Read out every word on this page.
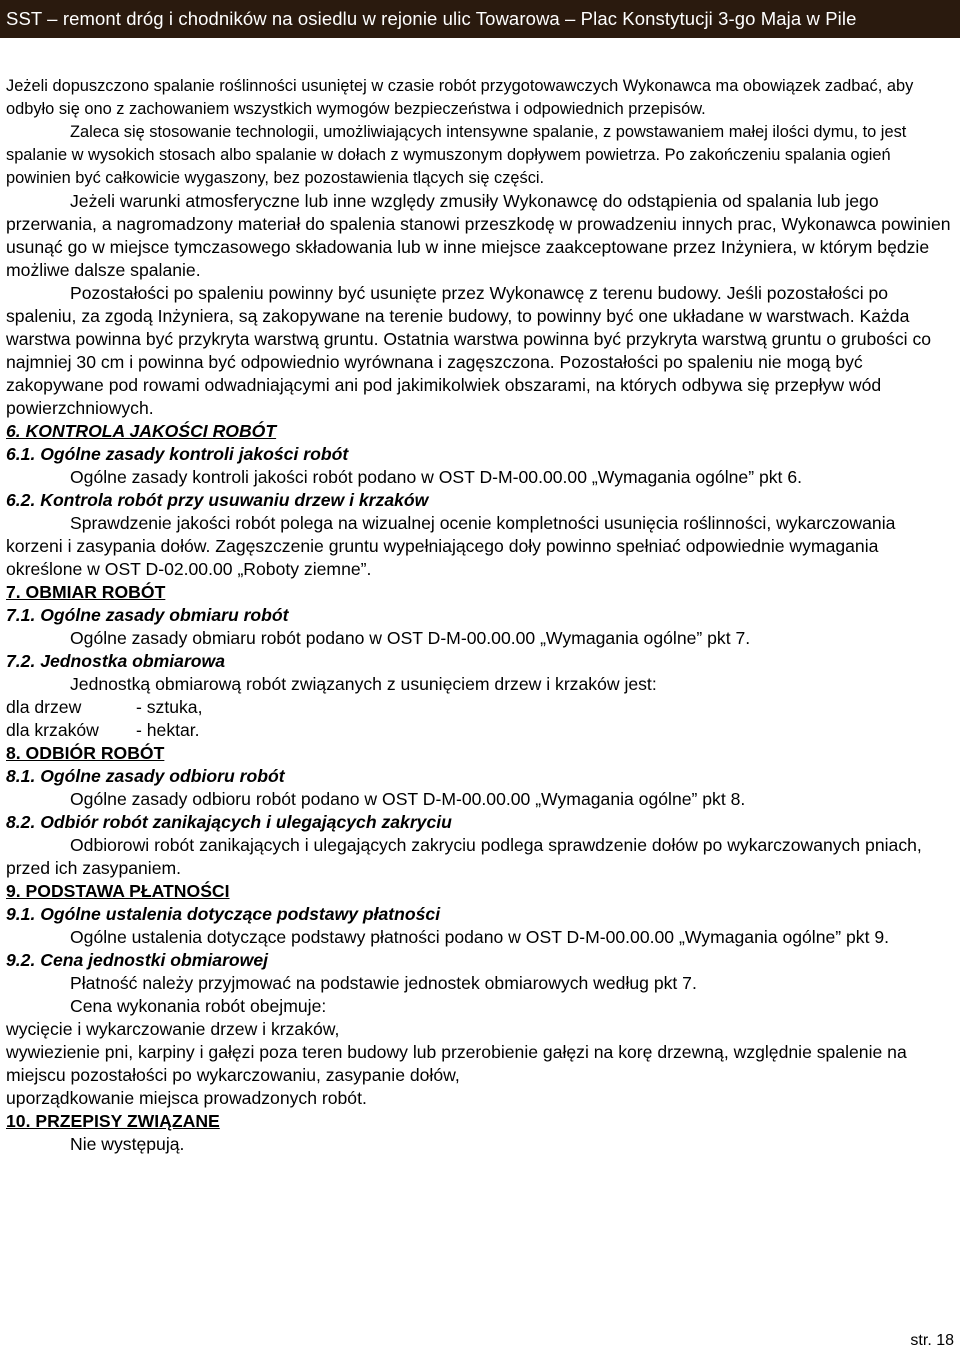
SST – remont dróg i chodników na osiedlu w rejonie ulic Towarowa – Plac Konstytucji 3-go Maja w Pile

Jeżeli dopuszczono spalanie roślinności usuniętej w czasie robót przygotowawczych Wykonawca ma obowiązek zadbać, aby odbyło się ono z zachowaniem wszystkich wymogów bezpieczeństwa i odpowiednich przepisów.

Zaleca się stosowanie technologii, umożliwiających intensywne spalanie, z powstawaniem małej ilości dymu, to jest spalanie w wysokich stosach albo spalanie w dołach z wymuszonym dopływem powietrza. Po zakończeniu spalania ogień powinien być całkowicie wygaszony, bez pozostawienia tlących się części.

Jeżeli warunki atmosferyczne lub inne względy zmusiły Wykonawcę do odstąpienia od spalania lub jego przerwania, a nagromadzony materiał do spalenia stanowi przeszkodę w prowadzeniu innych prac, Wykonawca powinien usunąć go w miejsce tymczasowego składowania lub w inne miejsce zaakceptowane przez Inżyniera, w którym będzie możliwe dalsze spalanie.

Pozostałości po spaleniu powinny być usunięte przez Wykonawcę z terenu budowy. Jeśli pozostałości po spaleniu, za zgodą Inżyniera, są zakopywane na terenie budowy, to powinny być one układane w warstwach. Każda warstwa powinna być przykryta warstwą gruntu. Ostatnia warstwa powinna być przykryta warstwą gruntu o grubości co najmniej 30 cm i powinna być odpowiednio wyrównana i zagęszczona. Pozostałości po spaleniu nie mogą być zakopywane pod rowami odwadniającymi ani pod jakimikolwiek obszarami, na których odbywa się przepływ wód powierzchniowych.

6. KONTROLA JAKOŚCI ROBÓT

6.1. Ogólne zasady kontroli jakości robót

Ogólne zasady kontroli jakości robót podano w OST D-M-00.00.00 „Wymagania ogólne” pkt 6.

6.2. Kontrola robót przy usuwaniu drzew i krzaków

Sprawdzenie jakości robót polega na wizualnej ocenie kompletności usunięcia roślinności, wykarczowania korzeni i zasypania dołów. Zagęszczenie gruntu wypełniającego doły powinno spełniać odpowiednie wymagania określone w OST D-02.00.00 „Roboty ziemne”.

7. OBMIAR ROBÓT

7.1. Ogólne zasady obmiaru robót

Ogólne zasady obmiaru robót podano w OST D-M-00.00.00 „Wymagania ogólne” pkt 7.

7.2. Jednostka obmiarowa

Jednostką obmiarową robót związanych z usunięciem drzew i krzaków jest:

dla drzew	- sztuka,
dla krzaków	- hektar.

8. ODBIÓR ROBÓT

8.1. Ogólne zasady odbioru robót

Ogólne zasady odbioru robót podano w OST D-M-00.00.00 „Wymagania ogólne” pkt 8.

8.2. Odbiór robót zanikających i ulegających zakryciu

Odbiorowi robót zanikających i ulegających zakryciu podlega sprawdzenie dołów po wykarczowanych pniach, przed ich zasypaniem.

9. PODSTAWA PŁATNOŚCI

9.1. Ogólne ustalenia dotyczące podstawy płatności

Ogólne ustalenia dotyczące podstawy płatności podano w OST D-M-00.00.00 „Wymagania ogólne” pkt 9.

9.2. Cena jednostki obmiarowej

Płatność należy przyjmować na podstawie jednostek obmiarowych według pkt 7.

Cena wykonania robót obejmuje:

wycięcie i wykarczowanie drzew i krzaków,

wywiezienie pni, karpiny i gałęzi poza teren budowy lub przerobienie gałęzi na korę drzewną, względnie spalenie na miejscu pozostałości po wykarczowaniu, zasypanie dołów,

uporządkowanie miejsca prowadzonych robót.

10. PRZEPISY ZWIĄZANE

Nie występują.

str. 18
